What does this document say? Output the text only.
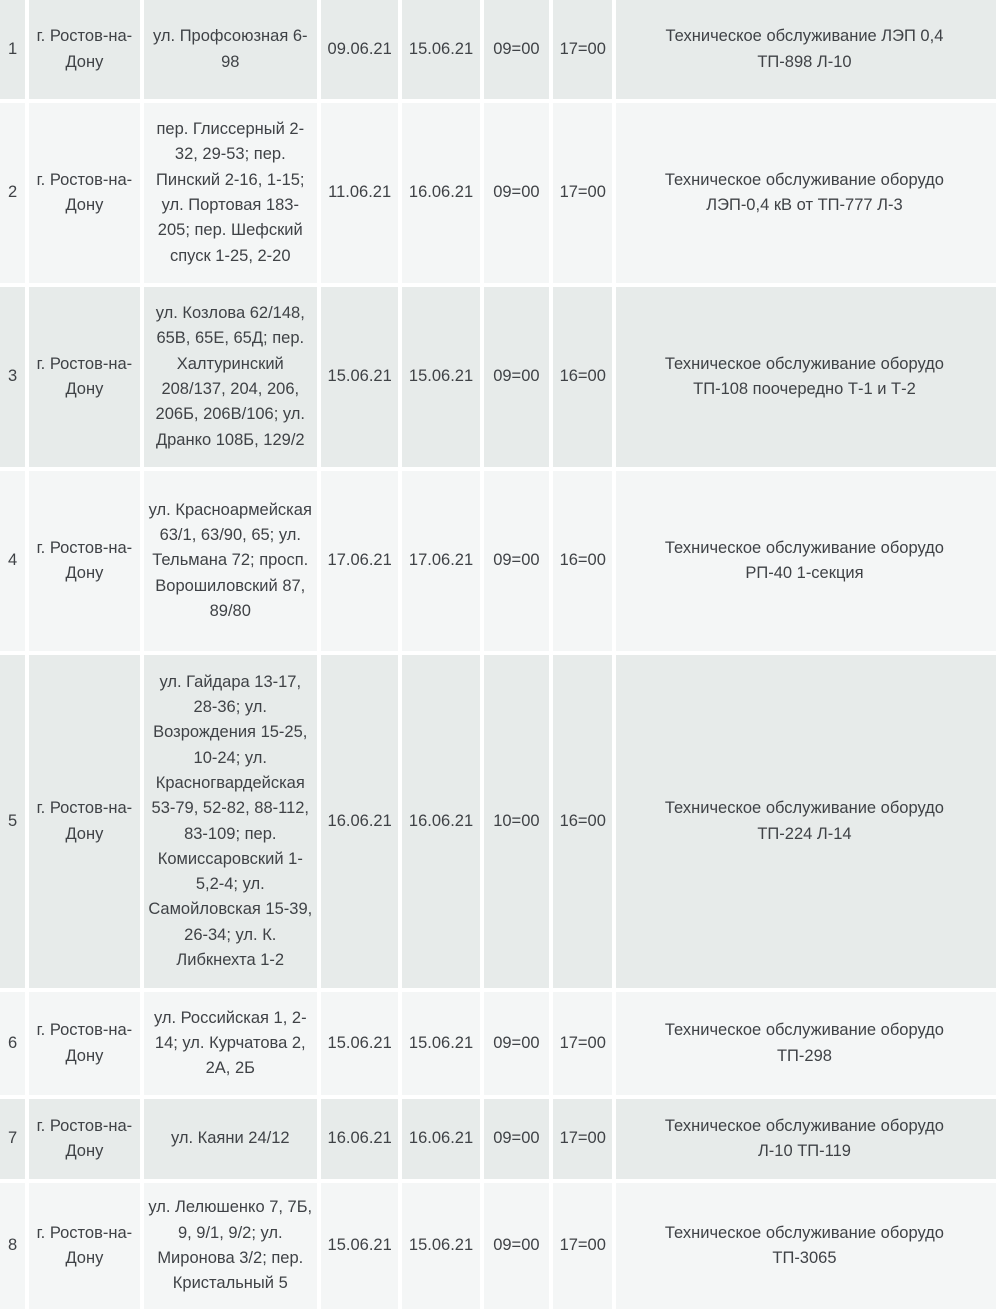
1	г. Ростов-на-Дону	ул. Профсоюзная 6-98	09.06.21	15.06.21	09=00	17=00	Техническое обслуживание ЛЭП 0,4
ТП-898 Л-10

2	г. Ростов-на-Дону	пер. Глиссерный 2-32, 29-53; пер. Пинский 2-16, 1-15; ул. Портовая 183-205; пер. Шефский спуск 1-25, 2-20	11.06.21	16.06.21	09=00	17=00	Техническое обслуживание оборудо
ЛЭП-0,4 кВ от ТП-777 Л-3

3	г. Ростов-на-Дону	ул. Козлова 62/148, 65В, 65Е, 65Д; пер. Халтуринский 208/137, 204, 206, 206Б, 206В/106; ул. Дранко 108Б, 129/2	15.06.21	15.06.21	09=00	16=00	Техническое обслуживание оборудо
ТП-108 поочередно Т-1 и Т-2

4	г. Ростов-на-Дону	ул. Красноармейская 63/1, 63/90, 65; ул. Тельмана 72; просп. Ворошиловский 87, 89/80	17.06.21	17.06.21	09=00	16=00	Техническое обслуживание оборудо
РП-40 1-секция

5	г. Ростов-на-Дону	ул. Гайдара 13-17, 28-36; ул. Возрождения 15-25, 10-24; ул. Красногвардейская 53-79, 52-82, 88-112, 83-109; пер. Комиссаровский 1-5,2-4; ул. Самойловская 15-39, 26-34; ул. К. Либкнехта 1-2	16.06.21	16.06.21	10=00	16=00	Техническое обслуживание оборудо
ТП-224 Л-14

6	г. Ростов-на-Дону	ул. Российская 1, 2-14; ул. Курчатова 2, 2А, 2Б	15.06.21	15.06.21	09=00	17=00	Техническое обслуживание оборудо
ТП-298

7	г. Ростов-на-Дону	ул. Каяни 24/12	16.06.21	16.06.21	09=00	17=00	Техническое обслуживание оборудо
Л-10 ТП-119

8	г. Ростов-на-Дону	ул. Лелюшенко 7, 7Б, 9, 9/1, 9/2; ул. Миронова 3/2; пер. Кристальный 5	15.06.21	15.06.21	09=00	17=00	Техническое обслуживание оборудо
ТП-3065
